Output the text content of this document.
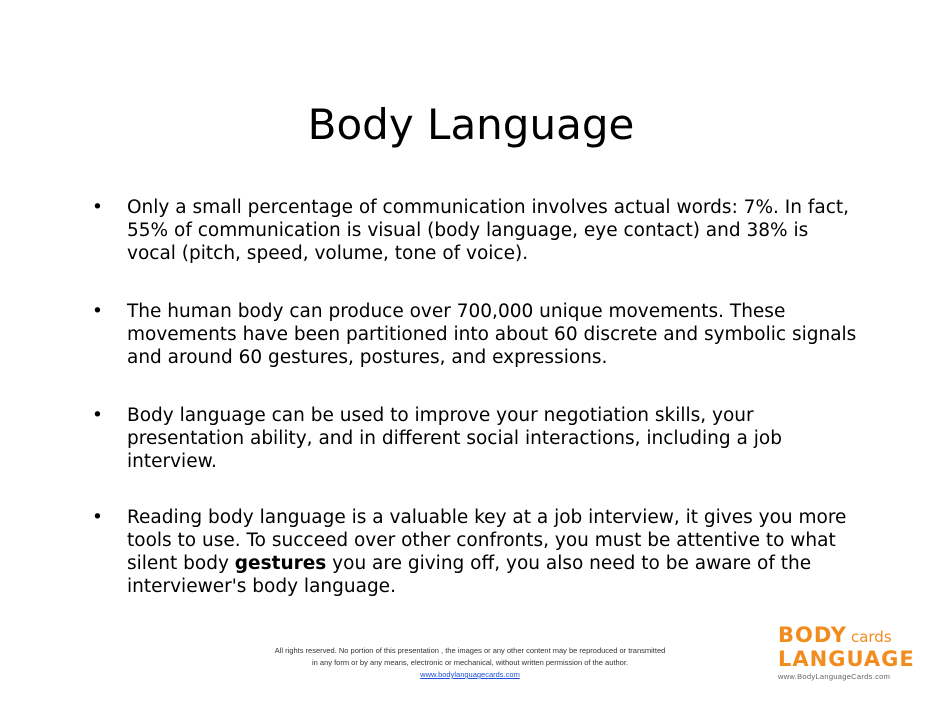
Body Language
• Only a small percentage of communication involves actual words: 7%. In fact, 55% of communication is visual (body language, eye contact) and 38% is vocal (pitch, speed, volume, tone of voice).
• The human body can produce over 700,000 unique movements. These movements have been partitioned into about 60 discrete and symbolic signals and around 60 gestures, postures, and expressions.
• Body language can be used to improve your negotiation skills, your presentation ability, and in different social interactions, including a job interview.
• Reading body language is a valuable key at a job interview, it gives you more tools to use. To succeed over other confronts, you must be attentive to what silent body gestures you are giving off, you also need to be aware of the interviewer's body language.
All rights reserved. No portion of this presentation , the images or any other content may be reproduced or transmitted
in any form or by any means, electronic or mechanical, without written permission of the author.
www.bodylanguagecards.com
BODY cards
LANGUAGE
www.BodyLanguageCards.com
